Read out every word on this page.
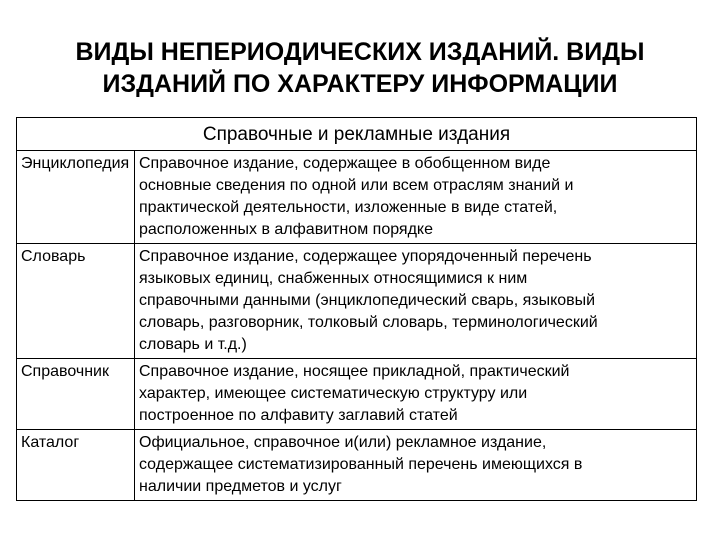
ВИДЫ НЕПЕРИОДИЧЕСКИХ ИЗДАНИЙ. ВИДЫ
ИЗДАНИЙ ПО ХАРАКТЕРУ ИНФОРМАЦИИ
Справочные и рекламные издания	
Энциклопедия	Справочное издание, содержащее в обобщенном виде
основные сведения по одной или всем отраслям знаний и
практической деятельности, изложенные в виде статей,
расположенных в алфавитном порядке

Словарь	Справочное издание, содержащее упорядоченный перечень
языковых единиц, снабженных относящимися к ним
справочными данными (энциклопедический сварь, языковый
словарь, разговорник, толковый словарь, терминологический
словарь и т.д.)

Справочник	Справочное издание, носящее прикладной, практический
характер, имеющее систематическую структуру или
построенное по алфавиту заглавий статей

Каталог	Официальное, справочное и(или) рекламное издание,
содержащее систематизированный перечень имеющихся в
наличии предметов и услуг
